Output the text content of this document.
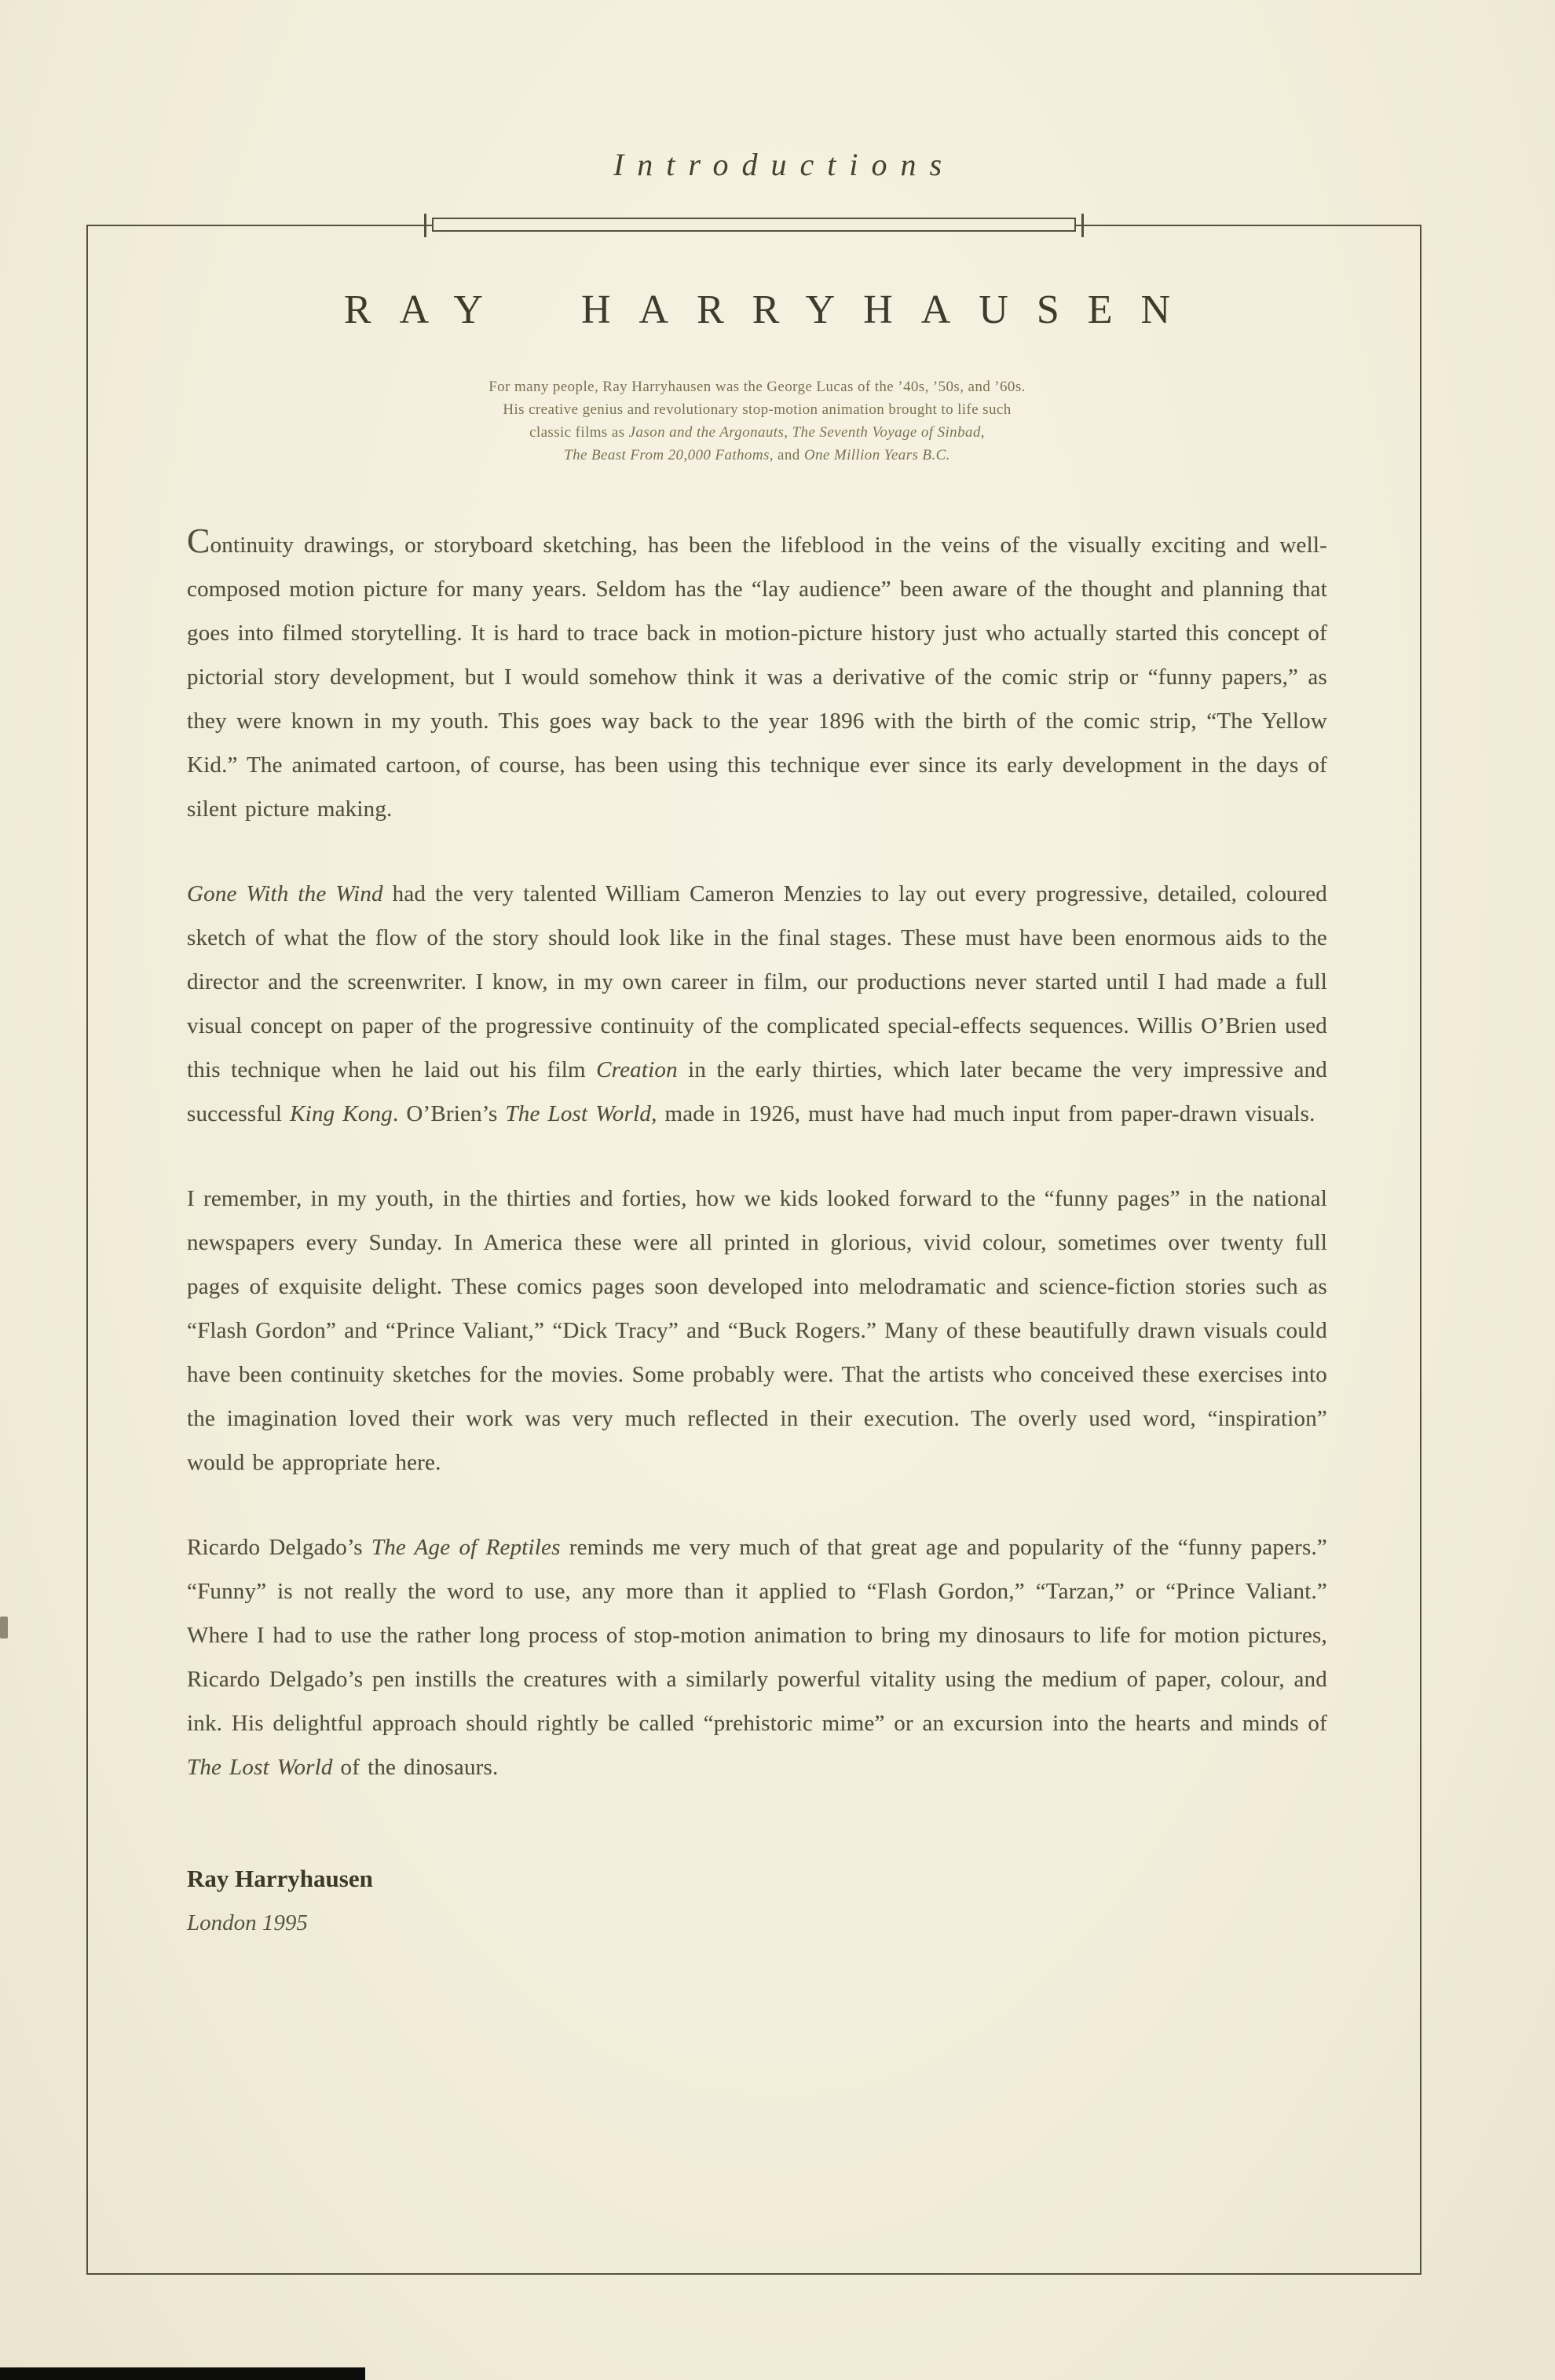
Introductions
RAY HARRYHAUSEN
For many people, Ray Harryhausen was the George Lucas of the ’40s, ’50s, and ’60s.
His creative genius and revolutionary stop-motion animation brought to life such
classic films as Jason and the Argonauts, The Seventh Voyage of Sinbad,
The Beast From 20,000 Fathoms, and One Million Years B.C.

Continuity drawings, or storyboard sketching, has been the lifeblood in the veins of the visually exciting and well-composed motion picture for many years. Seldom has the “lay audience” been aware of the thought and planning that goes into filmed storytelling. It is hard to trace back in motion-picture history just who actually started this concept of pictorial story development, but I would somehow think it was a derivative of the comic strip or “funny papers,” as they were known in my youth. This goes way back to the year 1896 with the birth of the comic strip, “The Yellow Kid.” The animated cartoon, of course, has been using this technique ever since its early development in the days of silent picture making.

Gone With the Wind had the very talented William Cameron Menzies to lay out every progressive, detailed, coloured sketch of what the flow of the story should look like in the final stages. These must have been enormous aids to the director and the screenwriter. I know, in my own career in film, our productions never started until I had made a full visual concept on paper of the progressive continuity of the complicated special-effects sequences. Willis O’Brien used this technique when he laid out his film Creation in the early thirties, which later became the very impressive and successful King Kong. O’Brien’s The Lost World, made in 1926, must have had much input from paper-drawn visuals.

I remember, in my youth, in the thirties and forties, how we kids looked forward to the “funny pages” in the national newspapers every Sunday. In America these were all printed in glorious, vivid colour, sometimes over twenty full pages of exquisite delight. These comics pages soon developed into melodramatic and science-fiction stories such as “Flash Gordon” and “Prince Valiant,” “Dick Tracy” and “Buck Rogers.” Many of these beautifully drawn visuals could have been continuity sketches for the movies. Some probably were. That the artists who conceived these exercises into the imagination loved their work was very much reflected in their execution. The overly used word, “inspiration” would be appropriate here.

Ricardo Delgado’s The Age of Reptiles reminds me very much of that great age and popularity of the “funny papers.” “Funny” is not really the word to use, any more than it applied to “Flash Gordon,” “Tarzan,” or “Prince Valiant.” Where I had to use the rather long process of stop-motion animation to bring my dinosaurs to life for motion pictures, Ricardo Delgado’s pen instills the creatures with a similarly powerful vitality using the medium of paper, colour, and ink. His delightful approach should rightly be called “prehistoric mime” or an excursion into the hearts and minds of The Lost World of the dinosaurs.

Ray Harryhausen
London 1995
